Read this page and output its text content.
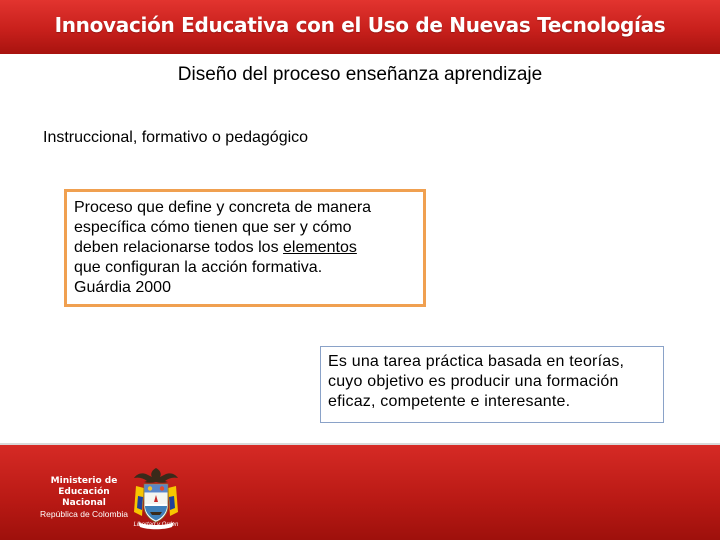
Innovación Educativa con el Uso de Nuevas Tecnologías
Diseño del proceso enseñanza aprendizaje
Instruccional, formativo o pedagógico
Proceso que define y concreta de manera
específica cómo tienen que ser y cómo
deben relacionarse todos los elementos
que configuran la acción formativa.
Guárdia 2000
Es una tarea práctica basada en teorías,
cuyo objetivo es producir una formación
eficaz, competente e interesante.
Ministerio de
Educación Nacional
República de Colombia
Libertad y Orden
